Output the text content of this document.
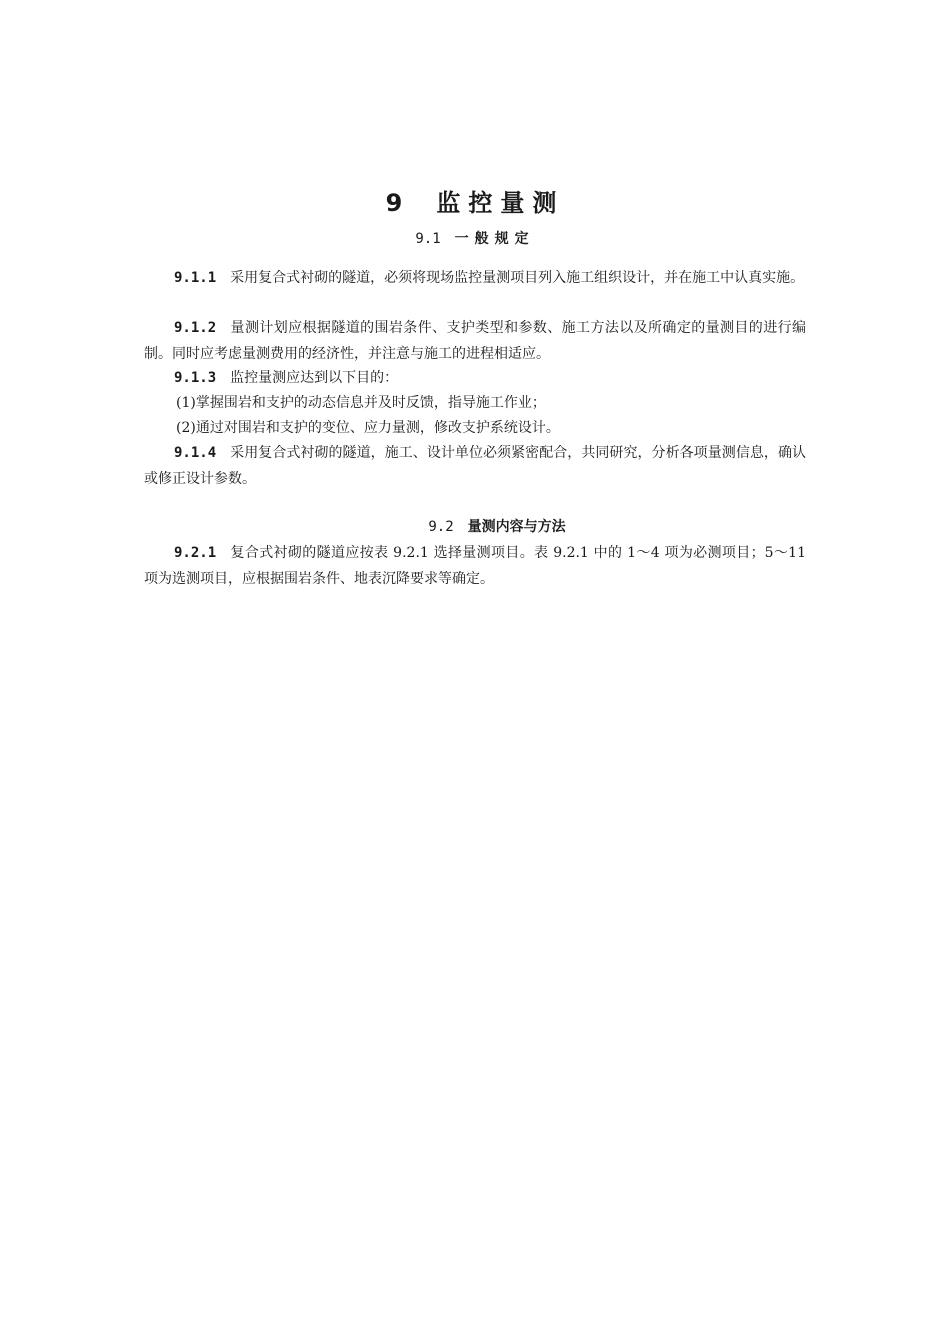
9 监控量测
9.1 一般规定

9.1.1 采用复合式衬砌的隧道，必须将现场监控量测项目列入施工组织设计，并在施工中认真实施。

9.1.2 量测计划应根据隧道的围岩条件、支护类型和参数、施工方法以及所确定的量测目的进行编制。同时应考虑量测费用的经济性，并注意与施工的进程相适应。

9.1.3 监控量测应达到以下目的：

(1)掌握围岩和支护的动态信息并及时反馈，指导施工作业；

(2)通过对围岩和支护的变位、应力量测，修改支护系统设计。

9.1.4 采用复合式衬砌的隧道，施工、设计单位必须紧密配合，共同研究，分析各项量测信息，确认或修正设计参数。

9.2 量测内容与方法

9.2.1 复合式衬砌的隧道应按表 9.2.1 选择量测项目。表 9.2.1 中的 1～4 项为必测项目；5～11 项为选测项目，应根据围岩条件、地表沉降要求等确定。
